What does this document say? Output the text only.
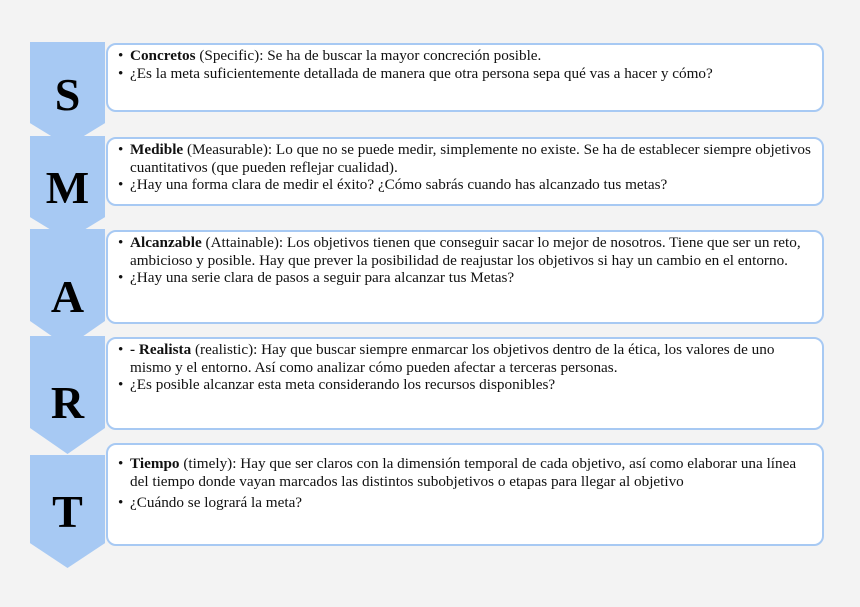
S

• Concretos (Specific): Se ha de buscar la mayor concreción posible.

• ¿Es la meta suficientemente detallada de manera que otra persona sepa qué vas a hacer y cómo?

M

• Medible (Measurable): Lo que no se puede medir, simplemente no existe. Se ha de establecer siempre objetivos cuantitativos (que pueden reflejar cualidad).

• ¿Hay una forma clara de medir el éxito? ¿Cómo sabrás cuando has alcanzado tus metas?

A

• Alcanzable (Attainable): Los objetivos tienen que conseguir sacar lo mejor de nosotros. Tiene que ser un reto, ambicioso y posible. Hay que prever la posibilidad de reajustar los objetivos si hay un cambio en el entorno.

• ¿Hay una serie clara de pasos a seguir para alcanzar tus Metas?

R

• - Realista (realistic): Hay que buscar siempre enmarcar los objetivos dentro de la ética, los valores de uno mismo y el entorno. Así como analizar cómo pueden afectar a terceras personas.

• ¿Es posible alcanzar esta meta considerando los recursos disponibles?

T

• Tiempo (timely): Hay que ser claros con la dimensión temporal de cada objetivo, así como elaborar una línea del tiempo donde vayan marcados las distintos subobjetivos o etapas para llegar al objetivo

• ¿Cuándo se logrará la meta?
